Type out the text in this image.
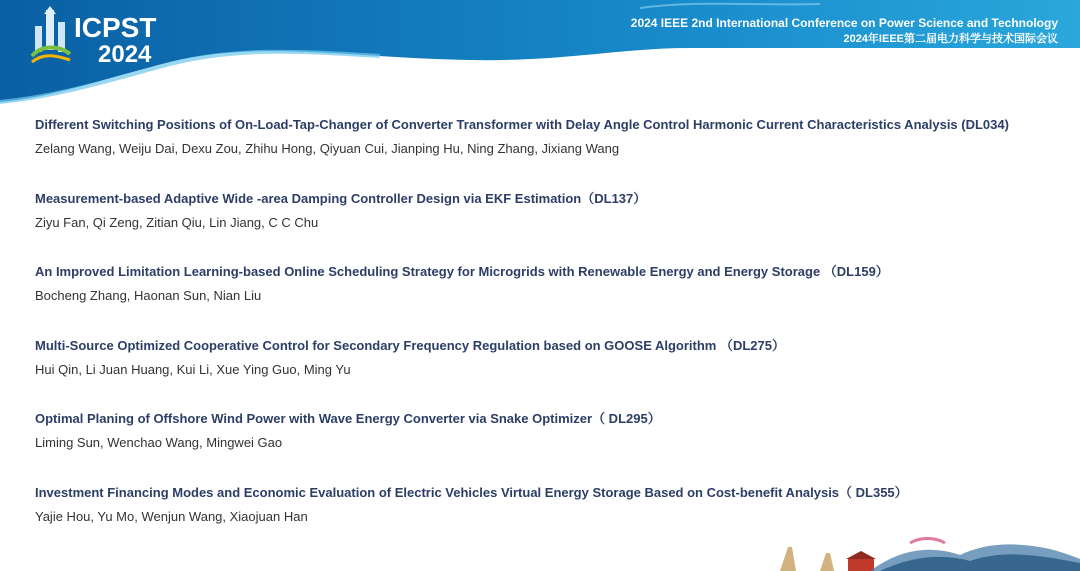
ICPST
2024
2024 IEEE 2nd International Conference on Power Science and Technology
2024年IEEE第二届电力科学与技术国际会议
Different Switching Positions of On-Load-Tap-Changer of Converter Transformer with Delay Angle Control Harmonic Current Characteristics Analysis (DL034)
Zelang Wang, Weiju Dai, Dexu Zou, Zhihu Hong, Qiyuan Cui, Jianping Hu, Ning Zhang, Jixiang Wang
Measurement-based Adaptive Wide -area Damping Controller Design via EKF Estimation（DL137）
Ziyu Fan, Qi Zeng, Zitian Qiu, Lin Jiang, C C Chu
An Improved Limitation Learning-based Online Scheduling Strategy for Microgrids with Renewable Energy and Energy Storage （DL159）
Bocheng Zhang, Haonan Sun, Nian Liu
Multi-Source Optimized Cooperative Control for Secondary Frequency Regulation based on GOOSE Algorithm （DL275）
Hui Qin, Li Juan Huang, Kui Li, Xue Ying Guo, Ming Yu
Optimal Planing of Offshore Wind Power with Wave Energy Converter via Snake Optimizer（ DL295）
Liming Sun, Wenchao Wang, Mingwei Gao
Investment Financing Modes and Economic Evaluation of Electric Vehicles Virtual Energy Storage Based on Cost-benefit Analysis（ DL355）
Yajie Hou, Yu Mo, Wenjun Wang, Xiaojuan Han
